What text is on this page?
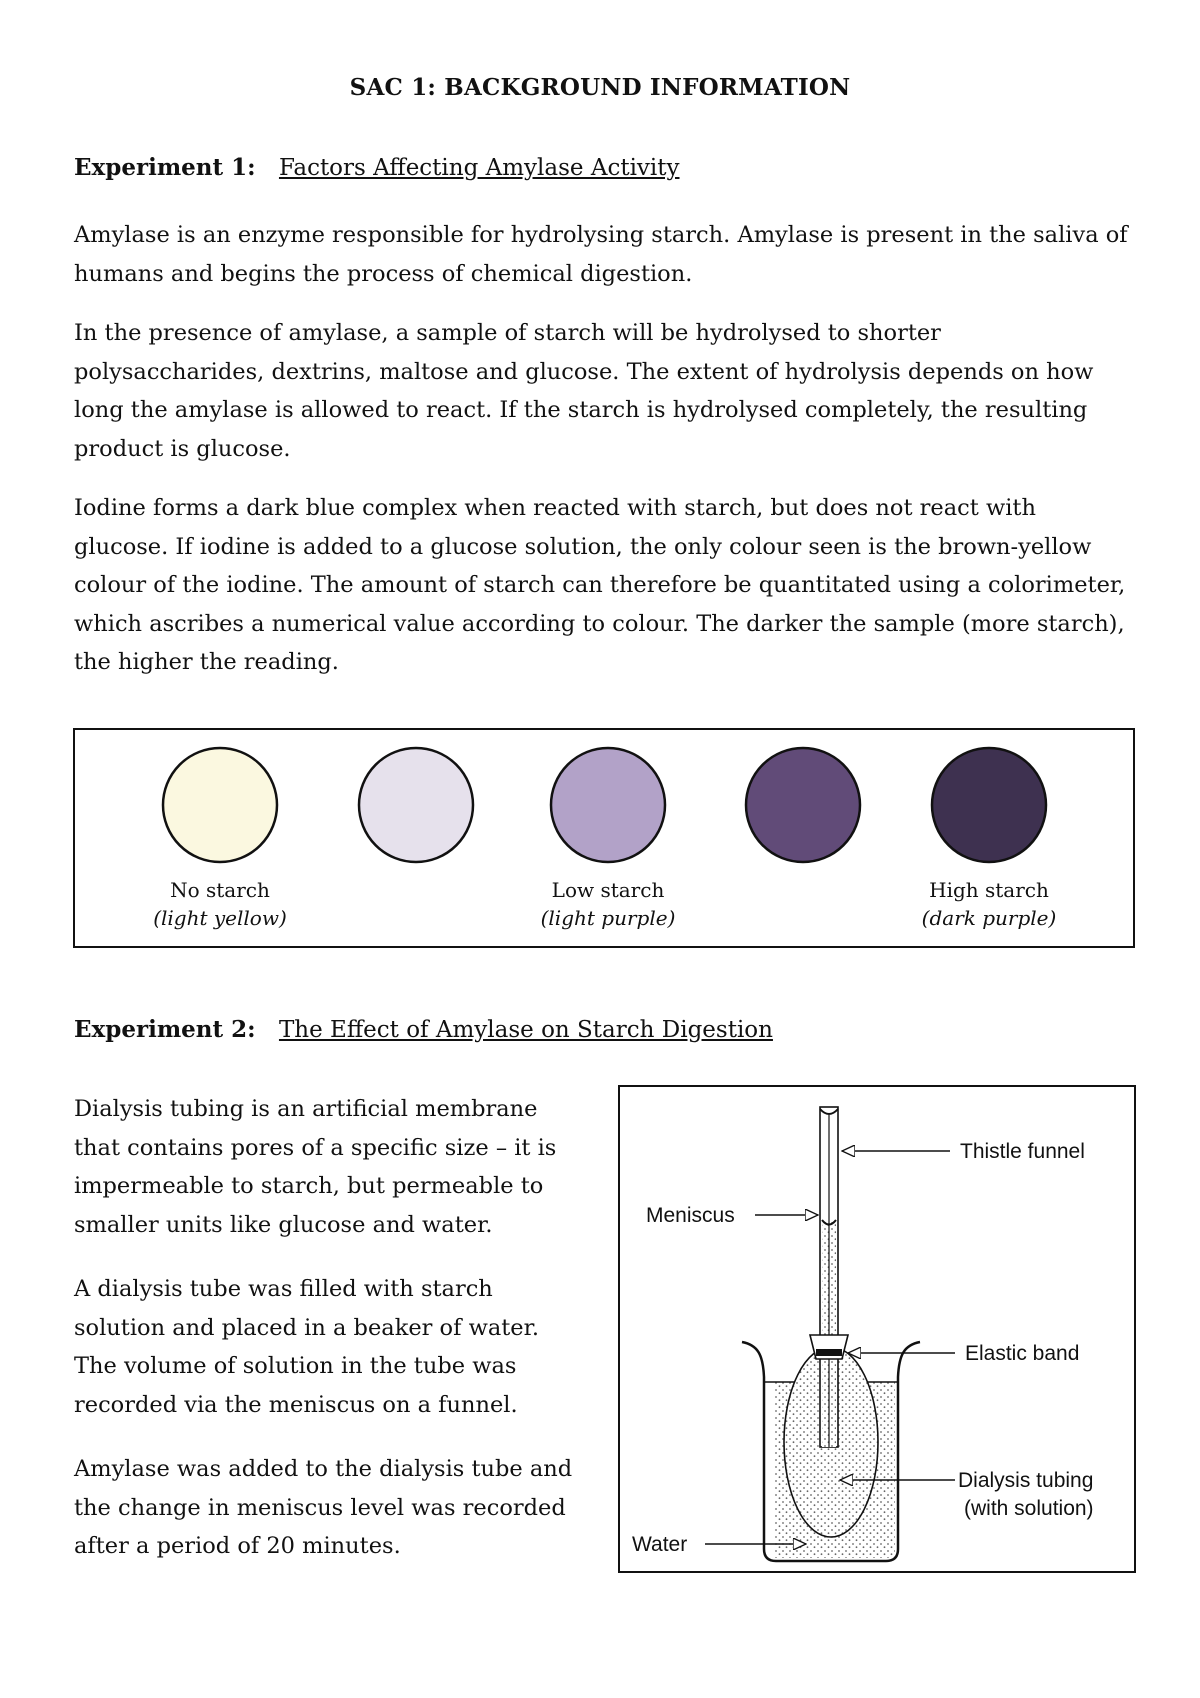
SAC 1: BACKGROUND INFORMATION
Experiment 1: Factors Affecting Amylase Activity

Amylase is an enzyme responsible for hydrolysing starch. Amylase is present in the saliva of humans and begins the process of chemical digestion.

In the presence of amylase, a sample of starch will be hydrolysed to shorter polysaccharides, dextrins, maltose and glucose. The extent of hydrolysis depends on how long the amylase is allowed to react. If the starch is hydrolysed completely, the resulting product is glucose.

Iodine forms a dark blue complex when reacted with starch, but does not react with glucose. If iodine is added to a glucose solution, the only colour seen is the brown-yellow colour of the iodine. The amount of starch can therefore be quantitated using a colorimeter, which ascribes a numerical value according to colour. The darker the sample (more starch), the higher the reading.

No starch
(light yellow)
Low starch
(light purple)
High starch
(dark purple)
Experiment 2: The Effect of Amylase on Starch Digestion

Dialysis tubing is an artificial membrane that contains pores of a specific size – it is impermeable to starch, but permeable to smaller units like glucose and water.

A dialysis tube was filled with starch solution and placed in a beaker of water. The volume of solution in the tube was recorded via the meniscus on a funnel.

Amylase was added to the dialysis tube and the change in meniscus level was recorded after a period of 20 minutes.

Thistle funnel
Meniscus
Elastic band
Dialysis tubing
(with solution)
Water
